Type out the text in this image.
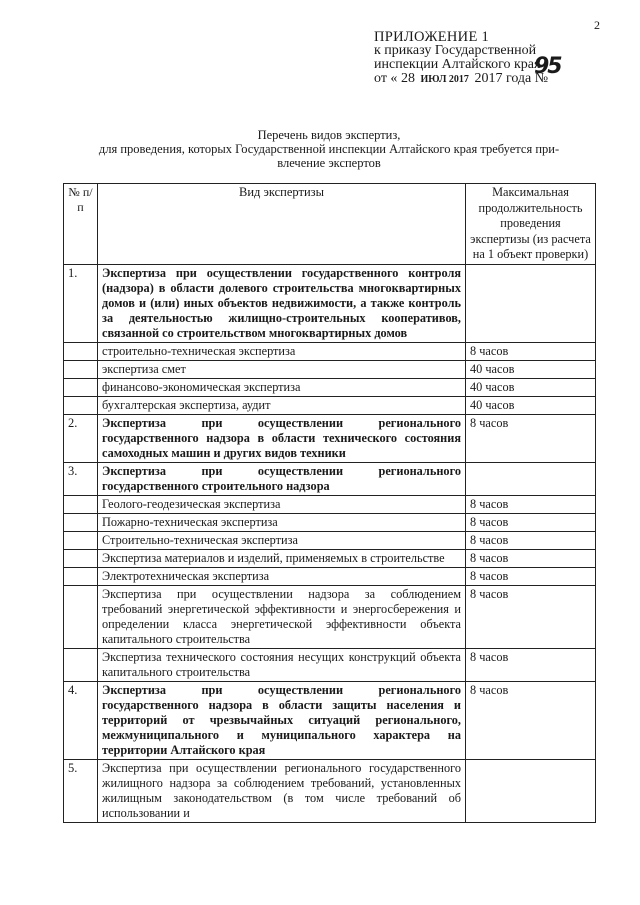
2
ПРИЛОЖЕНИЕ 1
к приказу Государственной
инспекции Алтайского края
от « 28 ИЮЛ 2017 2017 года №
95
Перечень видов экспертиз,
для проведения, которых Государственной инспекции Алтайского края требуется при-
влечение экспертов
№ п/п	Вид экспертизы	Максимальная продолжительность проведения экспертизы (из расчета на 1 объект проверки)
1.	Экспертиза при осуществлении государственного контроля (надзора) в области долевого строительства многоквартирных домов и (или) иных объектов недвижимости, а также контроль за деятельностью жилищно-строительных кооперативов, связанной со строительством многоквартирных домов	
	строительно-техническая экспертиза	8 часов
	экспертиза смет	40 часов
	финансово-экономическая экспертиза	40 часов
	бухгалтерская экспертиза, аудит	40 часов
2.	Экспертиза при осуществлении регионального государственного надзора в области технического состояния самоходных машин и других видов техники	8 часов
3.	Экспертиза при осуществлении регионального государственного строительного надзора	
	Геолого-геодезическая экспертиза	8 часов
	Пожарно-техническая экспертиза	8 часов
	Строительно-техническая экспертиза	8 часов
	Экспертиза материалов и изделий, применяемых в строительстве	8 часов
	Электротехническая экспертиза	8 часов
	Экспертиза при осуществлении надзора за соблюдением требований энергетической эффективности и энергосбережения и определении класса энергетической эффективности объекта капитального строительства	8 часов
	Экспертиза технического состояния несущих конструкций объекта капитального строительства	8 часов
4.	Экспертиза при осуществлении регионального государственного надзора в области защиты населения и территорий от чрезвычайных ситуаций регионального, межмуниципального и муниципального характера на территории Алтайского края	8 часов
5.	Экспертиза при осуществлении регионального государственного жилищного надзора за соблюдением требований, установленных жилищным законодательством (в том числе требований об использовании и	
